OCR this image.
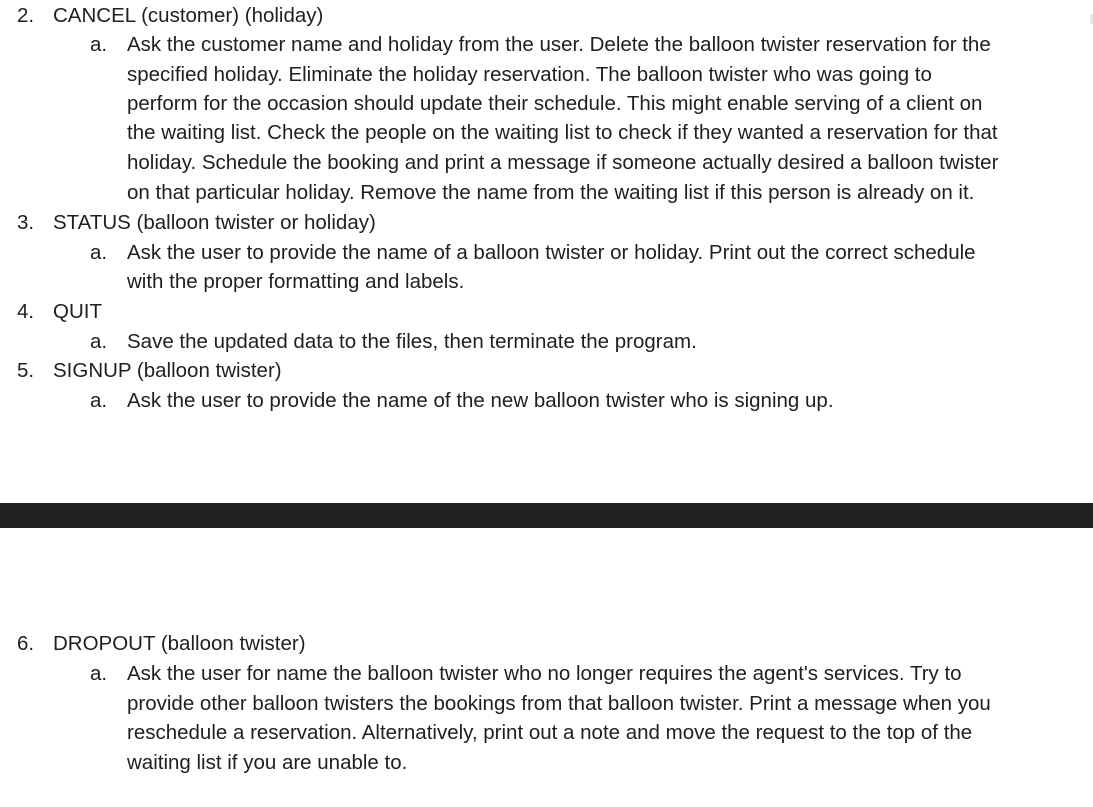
2. CANCEL (customer) (holiday)
a. Ask the customer name and holiday from the user. Delete the balloon twister reservation for the
specified holiday. Eliminate the holiday reservation. The balloon twister who was going to
perform for the occasion should update their schedule. This might enable serving of a client on
the waiting list. Check the people on the waiting list to check if they wanted a reservation for that
holiday. Schedule the booking and print a message if someone actually desired a balloon twister
on that particular holiday. Remove the name from the waiting list if this person is already on it.
3. STATUS (balloon twister or holiday)
a. Ask the user to provide the name of a balloon twister or holiday. Print out the correct schedule
with the proper formatting and labels.
4. QUIT
a. Save the updated data to the files, then terminate the program.
5. SIGNUP (balloon twister)
a. Ask the user to provide the name of the new balloon twister who is signing up.
6. DROPOUT (balloon twister)
a. Ask the user for name the balloon twister who no longer requires the agent's services. Try to
provide other balloon twisters the bookings from that balloon twister. Print a message when you
reschedule a reservation. Alternatively, print out a note and move the request to the top of the
waiting list if you are unable to.
